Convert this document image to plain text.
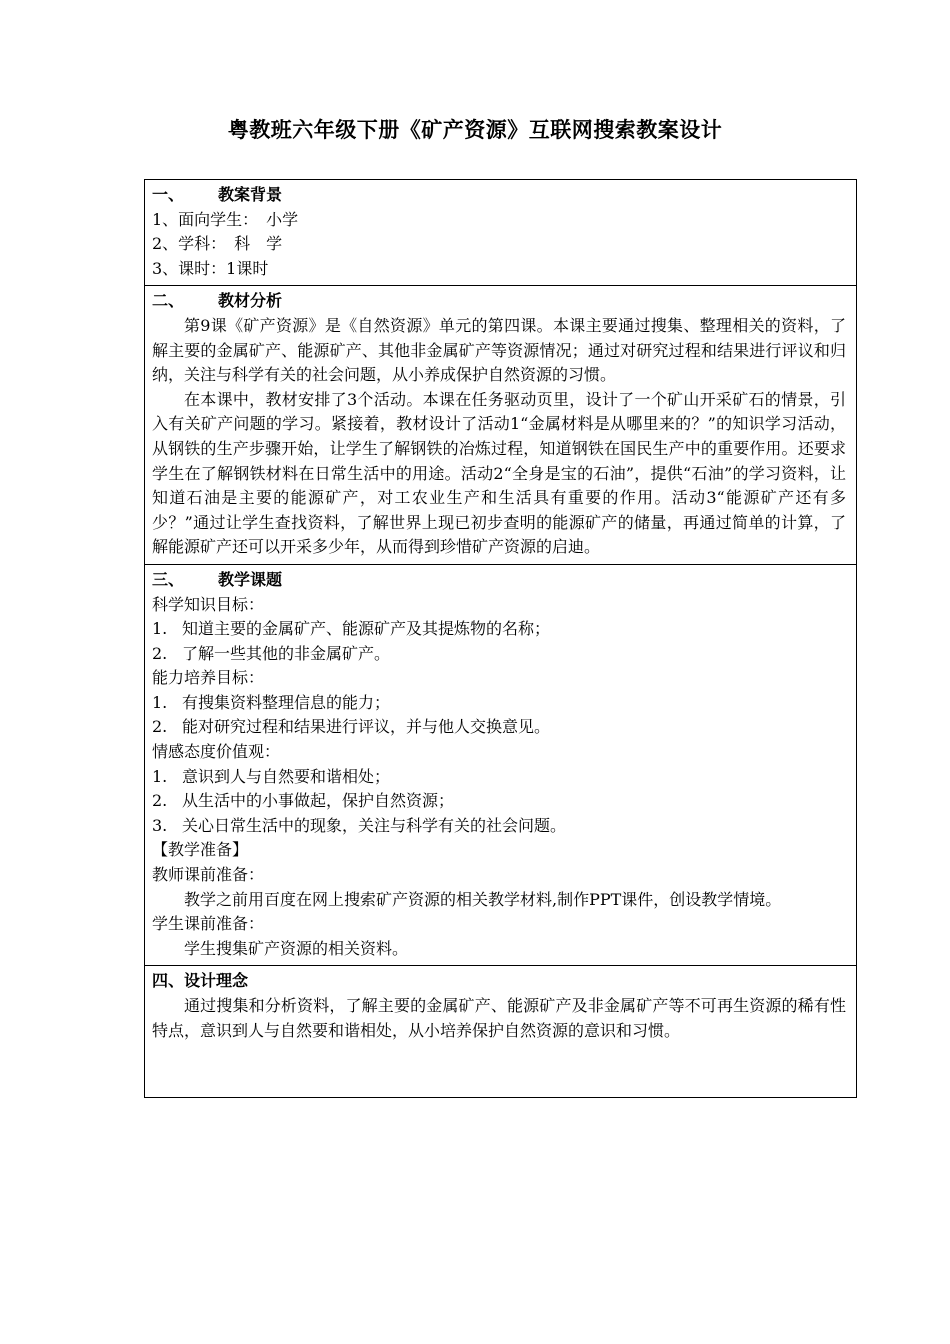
粤教班六年级下册《矿产资源》互联网搜索教案设计
一、 教案背景
1、面向学生：　小学
2、学科：　科　学
3、课时：1课时

二、 教材分析

第9课《矿产资源》是《自然资源》单元的第四课。本课主要通过搜集、整理相关的资料，了解主要的金属矿产、能源矿产、其他非金属矿产等资源情况；通过对研究过程和结果进行评议和归纳，关注与科学有关的社会问题，从小养成保护自然资源的习惯。

在本课中，教材安排了3个活动。本课在任务驱动页里，设计了一个矿山开采矿石的情景，引入有关矿产问题的学习。紧接着，教材设计了活动1“金属材料是从哪里来的？”的知识学习活动，从钢铁的生产步骤开始，让学生了解钢铁的冶炼过程，知道钢铁在国民生产中的重要作用。还要求学生在了解钢铁材料在日常生活中的用途。活动2“全身是宝的石油”，提供“石油”的学习资料，让知道石油是主要的能源矿产，对工农业生产和生活具有重要的作用。活动3“能源矿产还有多少？”通过让学生查找资料，了解世界上现已初步查明的能源矿产的储量，再通过简单的计算，了解能源矿产还可以开采多少年，从而得到珍惜矿产资源的启迪。

三、 教学课题
科学知识目标：
1. 知道主要的金属矿产、能源矿产及其提炼物的名称；
2. 了解一些其他的非金属矿产。
能力培养目标：
1. 有搜集资料整理信息的能力；
2. 能对研究过程和结果进行评议，并与他人交换意见。
情感态度价值观：
1. 意识到人与自然要和谐相处；
2. 从生活中的小事做起，保护自然资源；
3. 关心日常生活中的现象，关注与科学有关的社会问题。
【教学准备】
教师课前准备：

教学之前用百度在网上搜索矿产资源的相关教学材料,制作PPT课件，创设教学情境。

学生课前准备：

学生搜集矿产资源的相关资料。

四、设计理念

通过搜集和分析资料，了解主要的金属矿产、能源矿产及非金属矿产等不可再生资源的稀有性特点，意识到人与自然要和谐相处，从小培养保护自然资源的意识和习惯。
